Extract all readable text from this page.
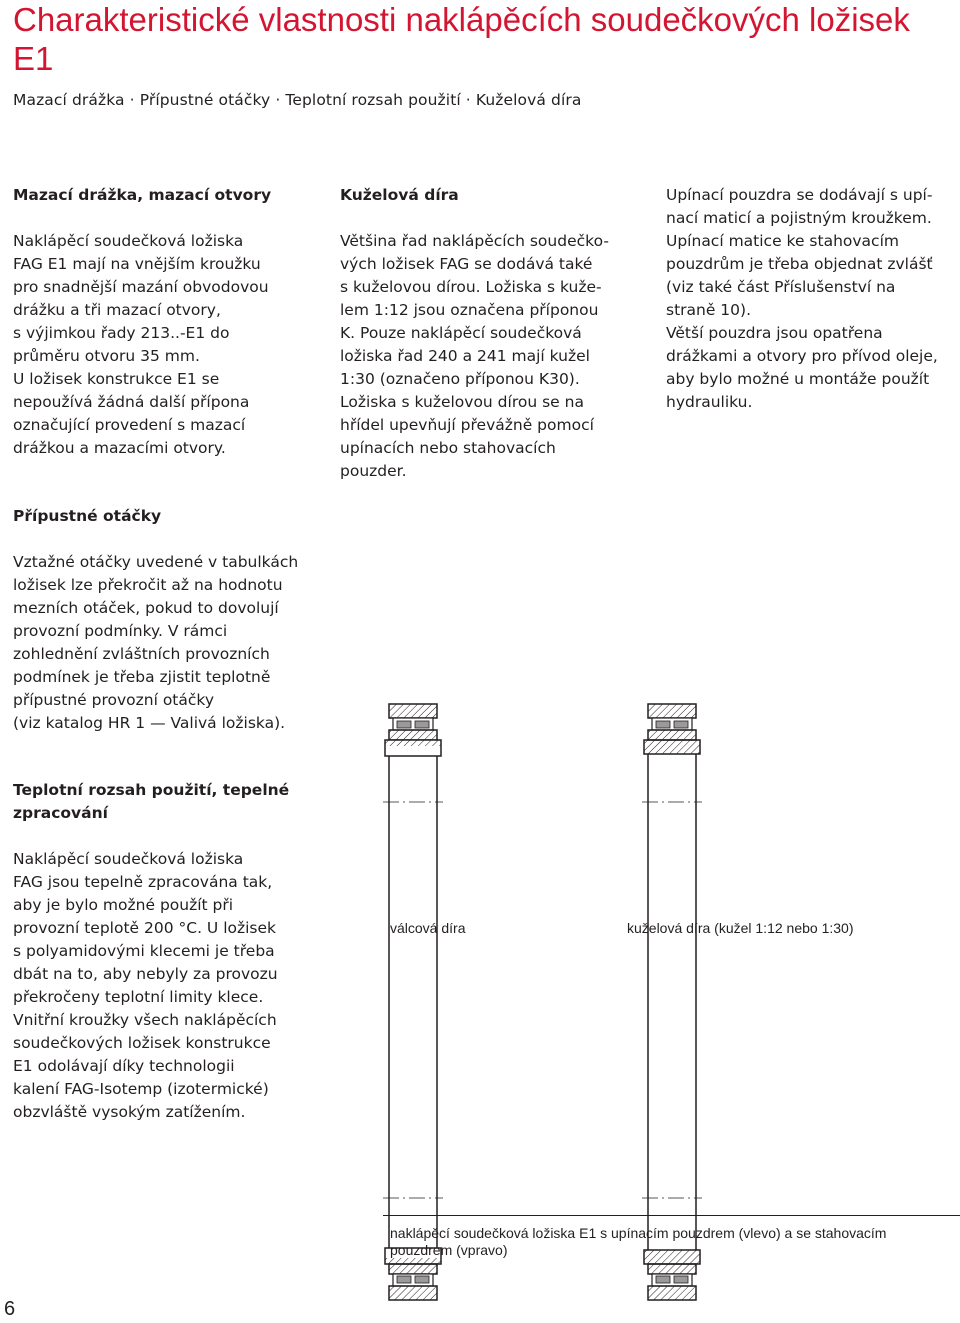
Charakteristické vlastnosti naklápěcích soudečkových ložisek E1
Mazací drážka · Přípustné otáčky · Teplotní rozsah použití · Kuželová díra
Mazací drážka, mazací otvory

Naklápěcí soudečková ložiska

FAG E1 mají na vnějším kroužku

pro snadnější mazání obvodovou

drážku a tři mazací otvory,

s výjimkou řady 213..-E1 do

průměru otvoru 35 mm.

U ložisek konstrukce E1 se

nepoužívá žádná další přípona

označující provedení s mazací

drážkou a mazacími otvory.

Kuželová díra

Většina řad naklápěcích soudečko-

vých ložisek FAG se dodává také

s kuželovou dírou. Ložiska s kuže-

lem 1:12 jsou označena příponou

K. Pouze naklápěcí soudečková

ložiska řad 240 a 241 mají kužel

1:30 (označeno příponou K30).

Ložiska s kuželovou dírou se na

hřídel upevňují převážně pomocí

upínacích nebo stahovacích

pouzder.

Upínací pouzdra se dodávají s upí-

nací maticí a pojistným kroužkem.

Upínací matice ke stahovacím

pouzdrům je třeba objednat zvlášť

(viz také část Příslušenství na

straně 10).

Větší pouzdra jsou opatřena

drážkami a otvory pro přívod oleje,

aby bylo možné u montáže použít

hydrauliku.

Přípustné otáčky

Vztažné otáčky uvedené v tabulkách

ložisek lze překročit až na hodnotu

mezních otáček, pokud to dovolují

provozní podmínky. V rámci

zohlednění zvláštních provozních

podmínek je třeba zjistit teplotně

přípustné provozní otáčky

(viz katalog HR 1 — Valivá ložiska).

Teplotní rozsah použití, tepelné
zpracování

Naklápěcí soudečková ložiska

FAG jsou tepelně zpracována tak,

aby je bylo možné použít při

provozní teplotě 200 °C. U ložisek

s polyamidovými klecemi je třeba

dbát na to, aby nebyly za provozu

překročeny teplotní limity klece.

Vnitřní kroužky všech naklápěcích

soudečkových ložisek konstrukce

E1 odolávají díky technologii

kalení FAG-Isotemp (izotermické)

obzvláště vysokým zatížením.

válcová díra	kuželová díra (kužel 1:12 nebo 1:30)
naklápěcí soudečková ložiska E1 s upínacím pouzdrem (vlevo) a se stahovacím pouzdrem (vpravo)
6
